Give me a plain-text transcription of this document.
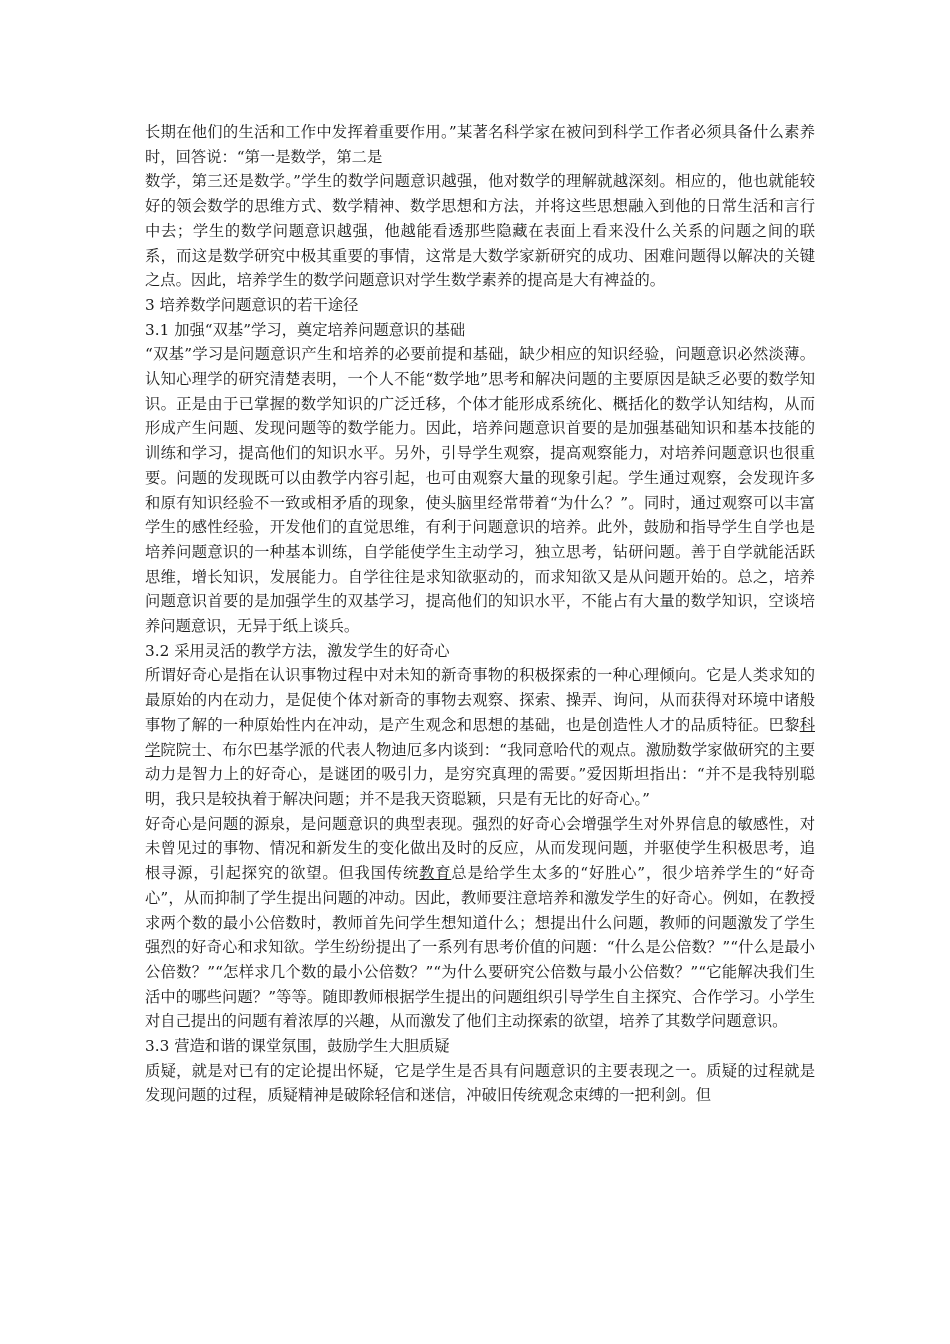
长期在他们的生活和工作中发挥着重要作用。”某著名科学家在被问到科学工作者必须具备什么素养时，回答说：“第一是数学，第二是

数学，第三还是数学。”学生的数学问题意识越强，他对数学的理解就越深刻。相应的，他也就能较好的领会数学的思维方式、数学精神、数学思想和方法，并将这些思想融入到他的日常生活和言行中去；学生的数学问题意识越强，他越能看透那些隐藏在表面上看来没什么关系的问题之间的联系，而这是数学研究中极其重要的事情，这常是大数学家新研究的成功、困难问题得以解决的关键之点。因此，培养学生的数学问题意识对学生数学素养的提高是大有裨益的。

3 培养数学问题意识的若干途径
3.1 加强“双基”学习，奠定培养问题意识的基础

“双基”学习是问题意识产生和培养的必要前提和基础，缺少相应的知识经验，问题意识必然淡薄。认知心理学的研究清楚表明，一个人不能“数学地”思考和解决问题的主要原因是缺乏必要的数学知识。正是由于已掌握的数学知识的广泛迁移，个体才能形成系统化、概括化的数学认知结构，从而形成产生问题、发现问题等的数学能力。因此，培养问题意识首要的是加强基础知识和基本技能的训练和学习，提高他们的知识水平。另外，引导学生观察，提高观察能力，对培养问题意识也很重要。问题的发现既可以由教学内容引起，也可由观察大量的现象引起。学生通过观察，会发现许多和原有知识经验不一致或相矛盾的现象，使头脑里经常带着“为什么？”。同时，通过观察可以丰富学生的感性经验，开发他们的直觉思维，有利于问题意识的培养。此外，鼓励和指导学生自学也是培养问题意识的一种基本训练，自学能使学生主动学习，独立思考，钻研问题。善于自学就能活跃思维，增长知识，发展能力。自学往往是求知欲驱动的，而求知欲又是从问题开始的。总之，培养问题意识首要的是加强学生的双基学习，提高他们的知识水平，不能占有大量的数学知识，空谈培养问题意识，无异于纸上谈兵。

3.2 采用灵活的教学方法，激发学生的好奇心

所谓好奇心是指在认识事物过程中对未知的新奇事物的积极探索的一种心理倾向。它是人类求知的最原始的内在动力，是促使个体对新奇的事物去观察、探索、操弄、询问，从而获得对环境中诸般事物了解的一种原始性内在冲动，是产生观念和思想的基础，也是创造性人才的品质特征。巴黎科学院院士、布尔巴基学派的代表人物迪厄多内谈到：“我同意哈代的观点。激励数学家做研究的主要动力是智力上的好奇心，是谜团的吸引力，是穷究真理的需要。”爱因斯坦指出：“并不是我特别聪明，我只是较执着于解决问题；并不是我天资聪颖，只是有无比的好奇心。”

好奇心是问题的源泉，是问题意识的典型表现。强烈的好奇心会增强学生对外界信息的敏感性，对未曾见过的事物、情况和新发生的变化做出及时的反应，从而发现问题，并驱使学生积极思考，追根寻源，引起探究的欲望。但我国传统教育总是给学生太多的“好胜心”，很少培养学生的“好奇心”，从而抑制了学生提出问题的冲动。因此，教师要注意培养和激发学生的好奇心。例如，在教授求两个数的最小公倍数时，教师首先问学生想知道什么；想提出什么问题，教师的问题激发了学生强烈的好奇心和求知欲。学生纷纷提出了一系列有思考价值的问题：“什么是公倍数？”“什么是最小公倍数？”“怎样求几个数的最小公倍数？”“为什么要研究公倍数与最小公倍数？”“它能解决我们生活中的哪些问题？”等等。随即教师根据学生提出的问题组织引导学生自主探究、合作学习。小学生对自己提出的问题有着浓厚的兴趣，从而激发了他们主动探索的欲望，培养了其数学问题意识。

3.3 营造和谐的课堂氛围，鼓励学生大胆质疑

质疑，就是对已有的定论提出怀疑，它是学生是否具有问题意识的主要表现之一。质疑的过程就是发现问题的过程，质疑精神是破除轻信和迷信，冲破旧传统观念束缚的一把利剑。但
